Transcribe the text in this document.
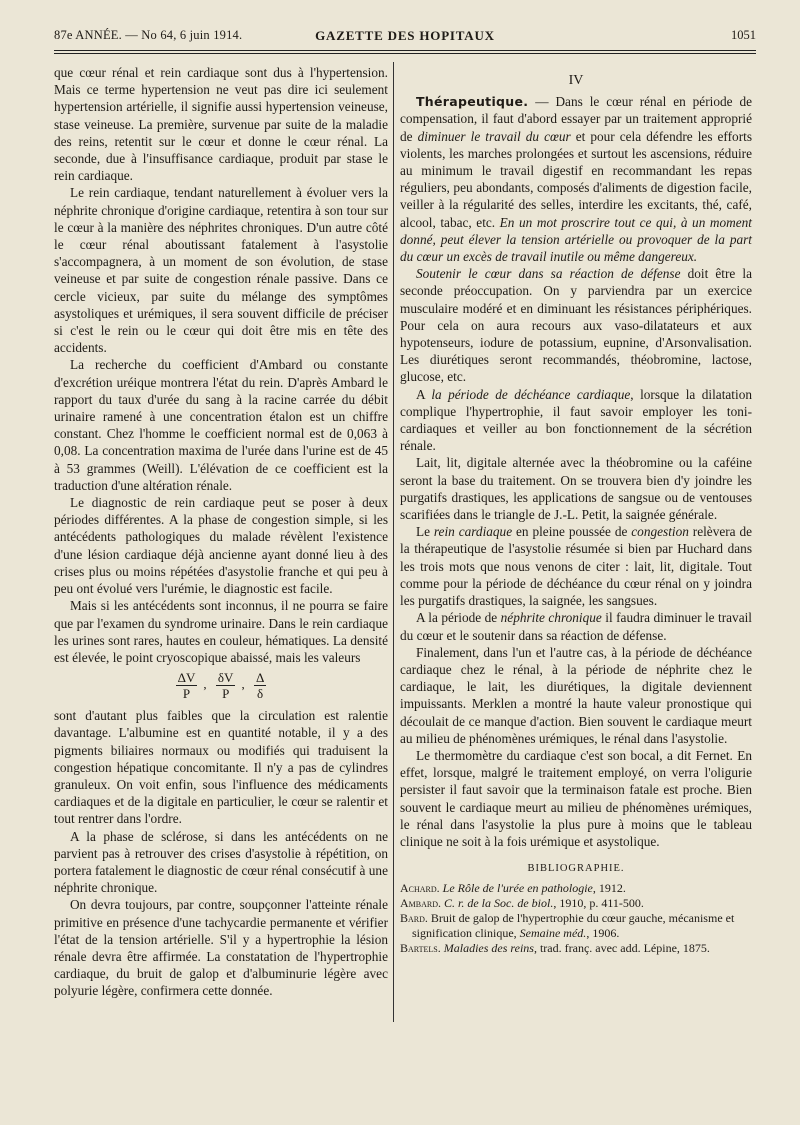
87e ANNÉE. — No 64, 6 juin 1914.	GAZETTE DES HOPITAUX	1051

que cœur rénal et rein cardiaque sont dus à l'hypertension. Mais ce terme hypertension ne veut pas dire ici seulement hypertension artérielle, il signifie aussi hypertension veineuse, stase veineuse. La première, survenue par suite de la maladie des reins, retentit sur le cœur et donne le cœur rénal. La seconde, due à l'insuffisance cardiaque, produit par stase le rein cardiaque.

Le rein cardiaque, tendant naturellement à évoluer vers la néphrite chronique d'origine cardiaque, retentira à son tour sur le cœur à la manière des néphrites chroniques. D'un autre côté le cœur rénal aboutissant fatalement à l'asystolie s'accompagnera, à un moment de son évolution, de stase veineuse et par suite de congestion rénale passive. Dans ce cercle vicieux, par suite du mélange des symptômes asystoliques et urémiques, il sera souvent difficile de préciser si c'est le rein ou le cœur qui doit être mis en tête des accidents.

La recherche du coefficient d'Ambard ou constante d'excrétion uréique montrera l'état du rein. D'après Ambard le rapport du taux d'urée du sang à la racine carrée du débit urinaire ramené à une concentration étalon est un chiffre constant. Chez l'homme le coefficient normal est de 0,063 à 0,08. La concentration maxima de l'urée dans l'urine est de 45 à 53 grammes (Weill). L'élévation de ce coefficient est la traduction d'une altération rénale.

Le diagnostic de rein cardiaque peut se poser à deux périodes différentes. A la phase de congestion simple, si les antécédents pathologiques du malade révèlent l'existence d'une lésion cardiaque déjà ancienne ayant donné lieu à des crises plus ou moins répétées d'asystolie franche et qui peu à peu ont évolué vers l'urémie, le diagnostic est facile.

Mais si les antécédents sont inconnus, il ne pourra se faire que par l'examen du syndrome urinaire. Dans le rein cardiaque les urines sont rares, hautes en couleur, hématiques. La densité est élevée, le point cryoscopique abaissé, mais les valeurs

$\frac{\Delta V}{P}$ , $\frac{\delta V}{P}$ , $\frac{\Delta}{\delta}$

sont d'autant plus faibles que la circulation est ralentie davantage. L'albumine est en quantité notable, il y a des pigments biliaires normaux ou modifiés qui traduisent la congestion hépatique concomitante. Il n'y a pas de cylindres granuleux. On voit enfin, sous l'influence des médicaments cardiaques et de la digitale en particulier, le cœur se ralentir et tout rentrer dans l'ordre.

A la phase de sclérose, si dans les antécédents on ne parvient pas à retrouver des crises d'asystolie à répétition, on portera fatalement le diagnostic de cœur rénal consécutif à une néphrite chronique.

On devra toujours, par contre, soupçonner l'atteinte rénale primitive en présence d'une tachycardie permanente et vérifier l'état de la tension artérielle. S'il y a hypertrophie la lésion rénale devra être affirmée. La constatation de l'hypertrophie cardiaque, du bruit de galop et d'albuminurie légère avec polyurie légère, confirmera cette donnée.

IV

Thérapeutique. — Dans le cœur rénal en période de compensation, il faut d'abord essayer par un traitement approprié de diminuer le travail du cœur et pour cela défendre les efforts violents, les marches prolongées et surtout les ascensions, réduire au minimum le travail digestif en recommandant les repas réguliers, peu abondants, composés d'aliments de digestion facile, veiller à la régularité des selles, interdire les excitants, thé, café, alcool, tabac, etc. En un mot proscrire tout ce qui, à un moment donné, peut élever la tension artérielle ou provoquer de la part du cœur un excès de travail inutile ou même dangereux.

Soutenir le cœur dans sa réaction de défense doit être la seconde préoccupation. On y parviendra par un exercice musculaire modéré et en diminuant les résistances périphériques. Pour cela on aura recours aux vaso-dilatateurs et aux hypotenseurs, iodure de potassium, eupnine, d'Arsonvalisation. Les diurétiques seront recommandés, théobromine, lactose, glucose, etc.

A la période de déchéance cardiaque, lorsque la dilatation complique l'hypertrophie, il faut savoir employer les toni-cardiaques et veiller au bon fonctionnement de la sécrétion rénale.

Lait, lit, digitale alternée avec la théobromine ou la caféine seront la base du traitement. On se trouvera bien d'y joindre les purgatifs drastiques, les applications de sangsue ou de ventouses scarifiées dans le triangle de J.-L. Petit, la saignée générale.

Le rein cardiaque en pleine poussée de congestion relèvera de la thérapeutique de l'asystolie résumée si bien par Huchard dans les trois mots que nous venons de citer : lait, lit, digitale. Tout comme pour la période de déchéance du cœur rénal on y joindra les purgatifs drastiques, la saignée, les sangsues.

A la période de néphrite chronique il faudra diminuer le travail du cœur et le soutenir dans sa réaction de défense.

Finalement, dans l'un et l'autre cas, à la période de déchéance cardiaque chez le rénal, à la période de néphrite chez le cardiaque, le lait, les diurétiques, la digitale deviennent impuissants. Merklen a montré la haute valeur pronostique qui découlait de ce manque d'action. Bien souvent le cardiaque meurt au milieu de phénomènes urémiques, le rénal dans l'asystolie.

Le thermomètre du cardiaque c'est son bocal, a dit Fernet. En effet, lorsque, malgré le traitement employé, on verra l'oligurie persister il faut savoir que la terminaison fatale est proche. Bien souvent le cardiaque meurt au milieu de phénomènes urémiques, le rénal dans l'asystolie la plus pure à moins que le tableau clinique ne soit à la fois urémique et asystolique.

BIBLIOGRAPHIE.

Achard. Le Rôle de l'urée en pathologie, 1912.

Ambard. C. r. de la Soc. de biol., 1910, p. 411-500.

Bard. Bruit de galop de l'hypertrophie du cœur gauche, mécanisme et signification clinique, Semaine méd., 1906.

Bartels. Maladies des reins, trad. franç. avec add. Lépine, 1875.
